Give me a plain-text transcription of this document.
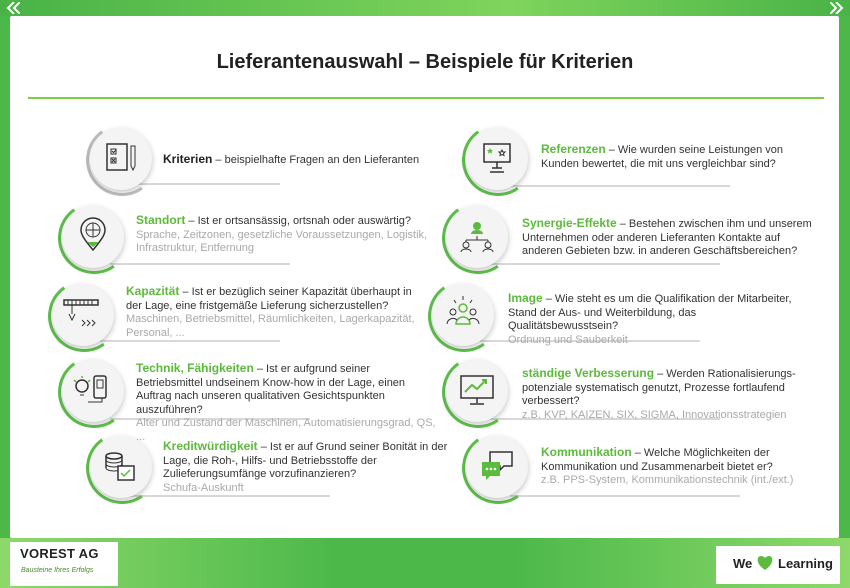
Lieferantenauswahl – Beispiele für Kriterien
Kriterien – beispielhafte Fragen an den Lieferanten
Standort – Ist er ortsansässig, ortsnah oder auswärtig?
Sprache, Zeitzonen, gesetzliche Voraussetzungen, Logistik, Infrastruktur, Entfernung
Kapazität – Ist er bezüglich seiner Kapazität überhaupt in der Lage, eine fristgemäße Lieferung sicherzustellen?
Maschinen, Betriebsmittel, Räumlichkeiten, Lagerkapazität, Personal, ...
Technik, Fähigkeiten – Ist er aufgrund seiner Betriebsmittel undseinem Know-how in der Lage, einen Auftrag nach unseren qualitativen Gesichtspunkten auszuführen?
Alter und Zustand der Maschinen, Automatisierungsgrad, QS, ...
Kreditwürdigkeit – Ist er auf Grund seiner Bonität in der Lage, die Roh-, Hilfs- und Betriebsstoffe der Zulieferungsumfänge vorzufinanzieren?
Schufa-Auskunft
Referenzen – Wie wurden seine Leistungen von Kunden bewertet, die mit uns vergleichbar sind?
Synergie-Effekte – Bestehen zwischen ihm und unserem Unternehmen oder anderen Lieferanten Kontakte auf anderen Gebieten bzw. in anderen Geschäftsbereichen?
Image – Wie steht es um die Qualifikation der Mitarbeiter, Stand der Aus- und Weiterbildung, das Qualitätsbewusstsein?
Ordnung und Sauberkeit
ständige Verbesserung – Werden Rationalisierungs-potenziale systematisch genutzt, Prozesse fortlaufend verbessert?
z.B. KVP, KAIZEN, SIX, SIGMA, Innovationsstrategien
Kommunikation – Welche Möglichkeiten der Kommunikation und Zusammenarbeit bietet er?
z.B. PPS-System, Kommunikationstechnik (int./ext.)
VOREST AG
Bausteine Ihres Erfolgs	We Learning
